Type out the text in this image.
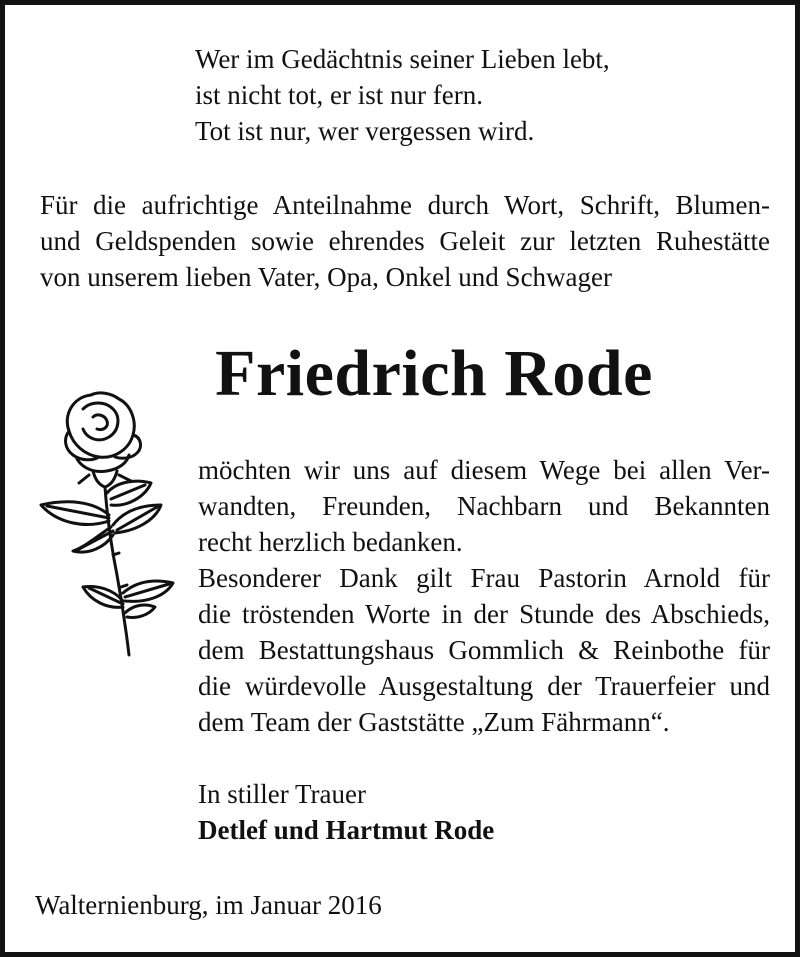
Wer im Gedächtnis seiner Lieben lebt,
ist nicht tot, er ist nur fern.
Tot ist nur, wer vergessen wird.
Für die aufrichtige Anteilnahme durch Wort, Schrift, Blumen-
und Geldspenden sowie ehrendes Geleit zur letzten Ruhestätte
von unserem lieben Vater, Opa, Onkel und Schwager
Friedrich Rode
möchten wir uns auf diesem Wege bei allen Ver-
wandten, Freunden, Nachbarn und Bekannten
recht herzlich bedanken.
Besonderer Dank gilt Frau Pastorin Arnold für
die tröstenden Worte in der Stunde des Abschieds,
dem Bestattungshaus Gommlich & Reinbothe für
die würdevolle Ausgestaltung der Trauerfeier und
dem Team der Gaststätte „Zum Fährmann“.
In stiller Trauer
Detlef und Hartmut Rode
Walternienburg, im Januar 2016
